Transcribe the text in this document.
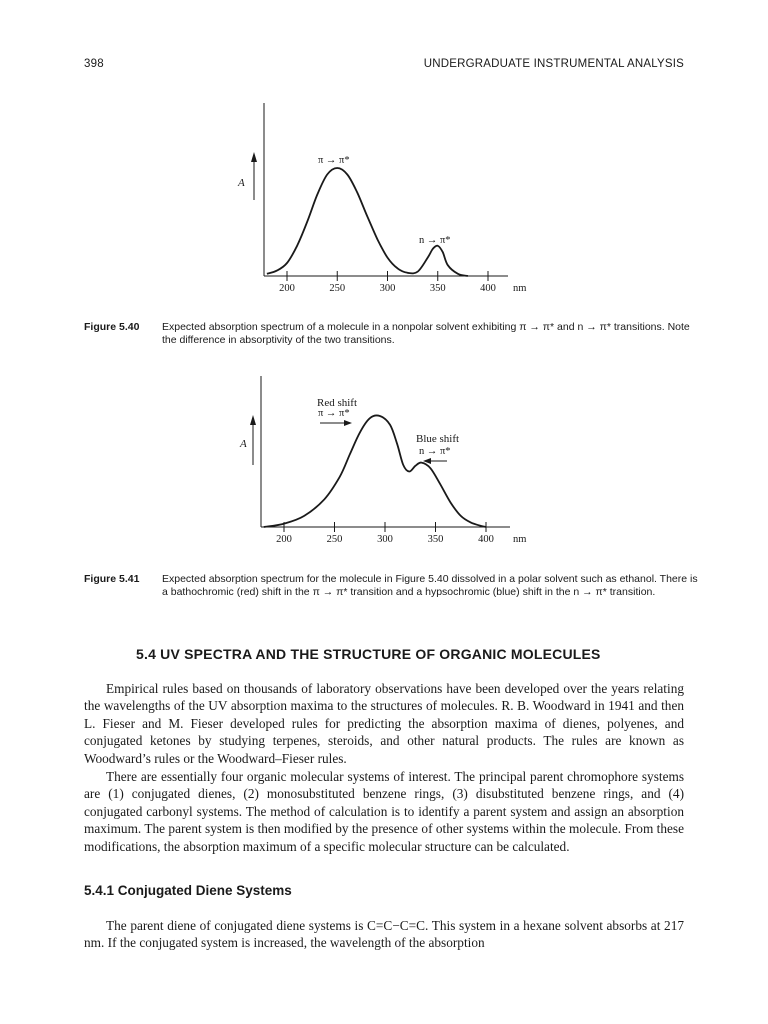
398	UNDERGRADUATE INSTRUMENTAL ANALYSIS
A
200	250	300	350	400 nm
π → π*
n → π*
Figure 5.40 Expected absorption spectrum of a molecule in a nonpolar solvent exhibiting π → π* and n → π* transitions. Note the difference in absorptivity of the two transitions.
A
200	250	300	350	400 nm
Red shift
π → π*
Blue shift
n → π*
Figure 5.41 Expected absorption spectrum for the molecule in Figure 5.40 dissolved in a polar solvent such as ethanol. There is a bathochromic (red) shift in the π → π* transition and a hypsochromic (blue) shift in the n → π* transition.
5.4 UV SPECTRA AND THE STRUCTURE OF ORGANIC MOLECULES

Empirical rules based on thousands of laboratory observations have been developed over the years relating the wavelengths of the UV absorption maxima to the structures of molecules. R. B. Woodward in 1941 and then L. Fieser and M. Fieser developed rules for predicting the absorption maxima of dienes, polyenes, and conjugated ketones by studying terpenes, steroids, and other natural products. The rules are known as Woodward’s rules or the Woodward–Fieser rules.

There are essentially four organic molecular systems of interest. The principal parent chromophore systems are (1) conjugated dienes, (2) monosubstituted benzene rings, (3) disubstituted benzene rings, and (4) conjugated carbonyl systems. The method of calculation is to identify a parent system and assign an absorption maximum. The parent system is then modified by the presence of other systems within the molecule. From these modifications, the absorption maximum of a specific molecular structure can be calculated.

5.4.1 Conjugated Diene Systems

The parent diene of conjugated diene systems is C=C−C=C. This system in a hexane solvent absorbs at 217 nm. If the conjugated system is increased, the wavelength of the absorption
